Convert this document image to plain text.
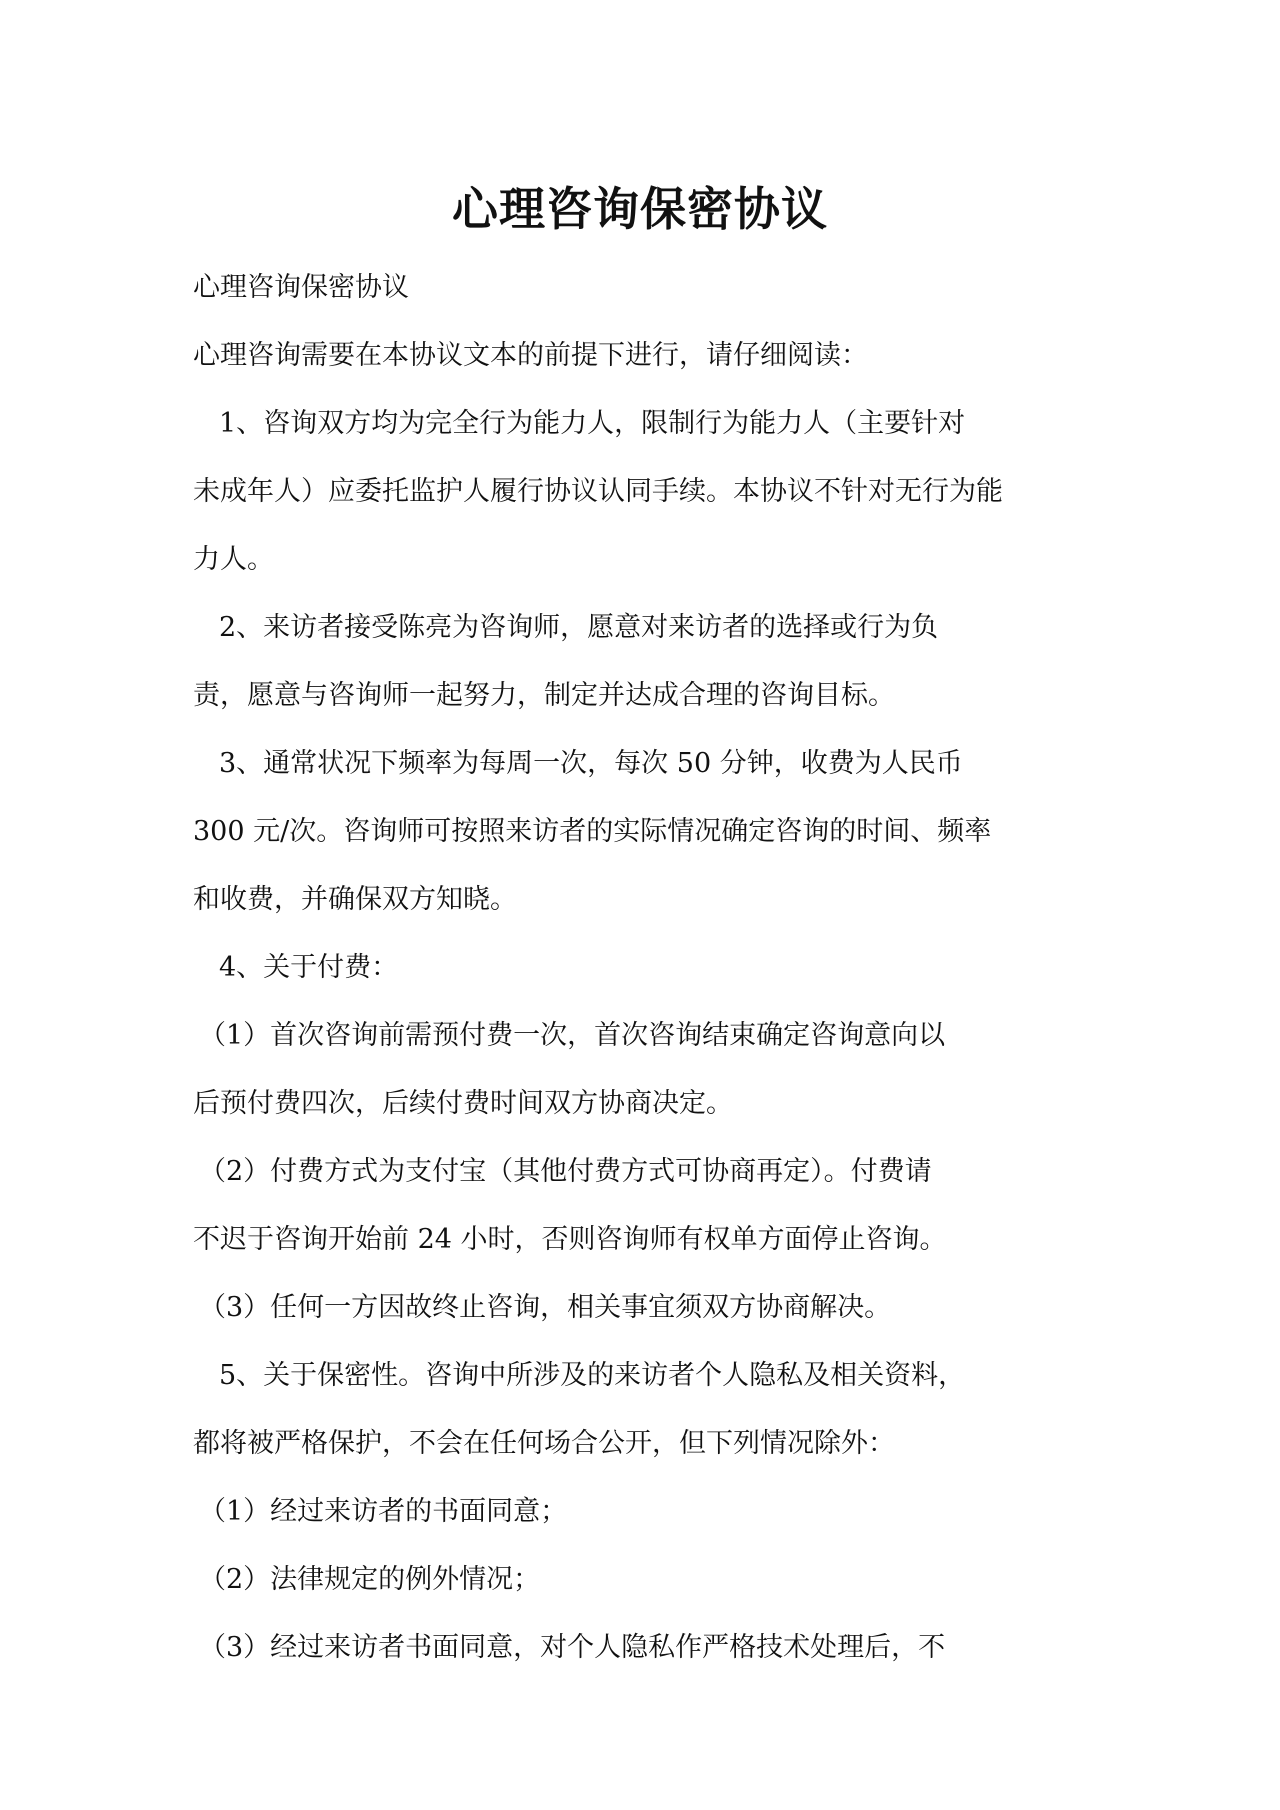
心理咨询保密协议

心理咨询保密协议

心理咨询需要在本协议文本的前提下进行，请仔细阅读：

1、咨询双方均为完全行为能力人，限制行为能力人（主要针对

未成年人）应委托监护人履行协议认同手续。本协议不针对无行为能

力人。

2、来访者接受陈亮为咨询师，愿意对来访者的选择或行为负

责，愿意与咨询师一起努力，制定并达成合理的咨询目标。

3、通常状况下频率为每周一次，每次 50 分钟，收费为人民币

300 元/次。咨询师可按照来访者的实际情况确定咨询的时间、频率

和收费，并确保双方知晓。

4、关于付费：

（1）首次咨询前需预付费一次，首次咨询结束确定咨询意向以

后预付费四次，后续付费时间双方协商决定。

（2）付费方式为支付宝（其他付费方式可协商再定）。付费请

不迟于咨询开始前 24 小时，否则咨询师有权单方面停止咨询。

（3）任何一方因故终止咨询，相关事宜须双方协商解决。

5、关于保密性。咨询中所涉及的来访者个人隐私及相关资料，

都将被严格保护，不会在任何场合公开，但下列情况除外：

（1）经过来访者的书面同意；

（2）法律规定的例外情况；

（3）经过来访者书面同意，对个人隐私作严格技术处理后，不
